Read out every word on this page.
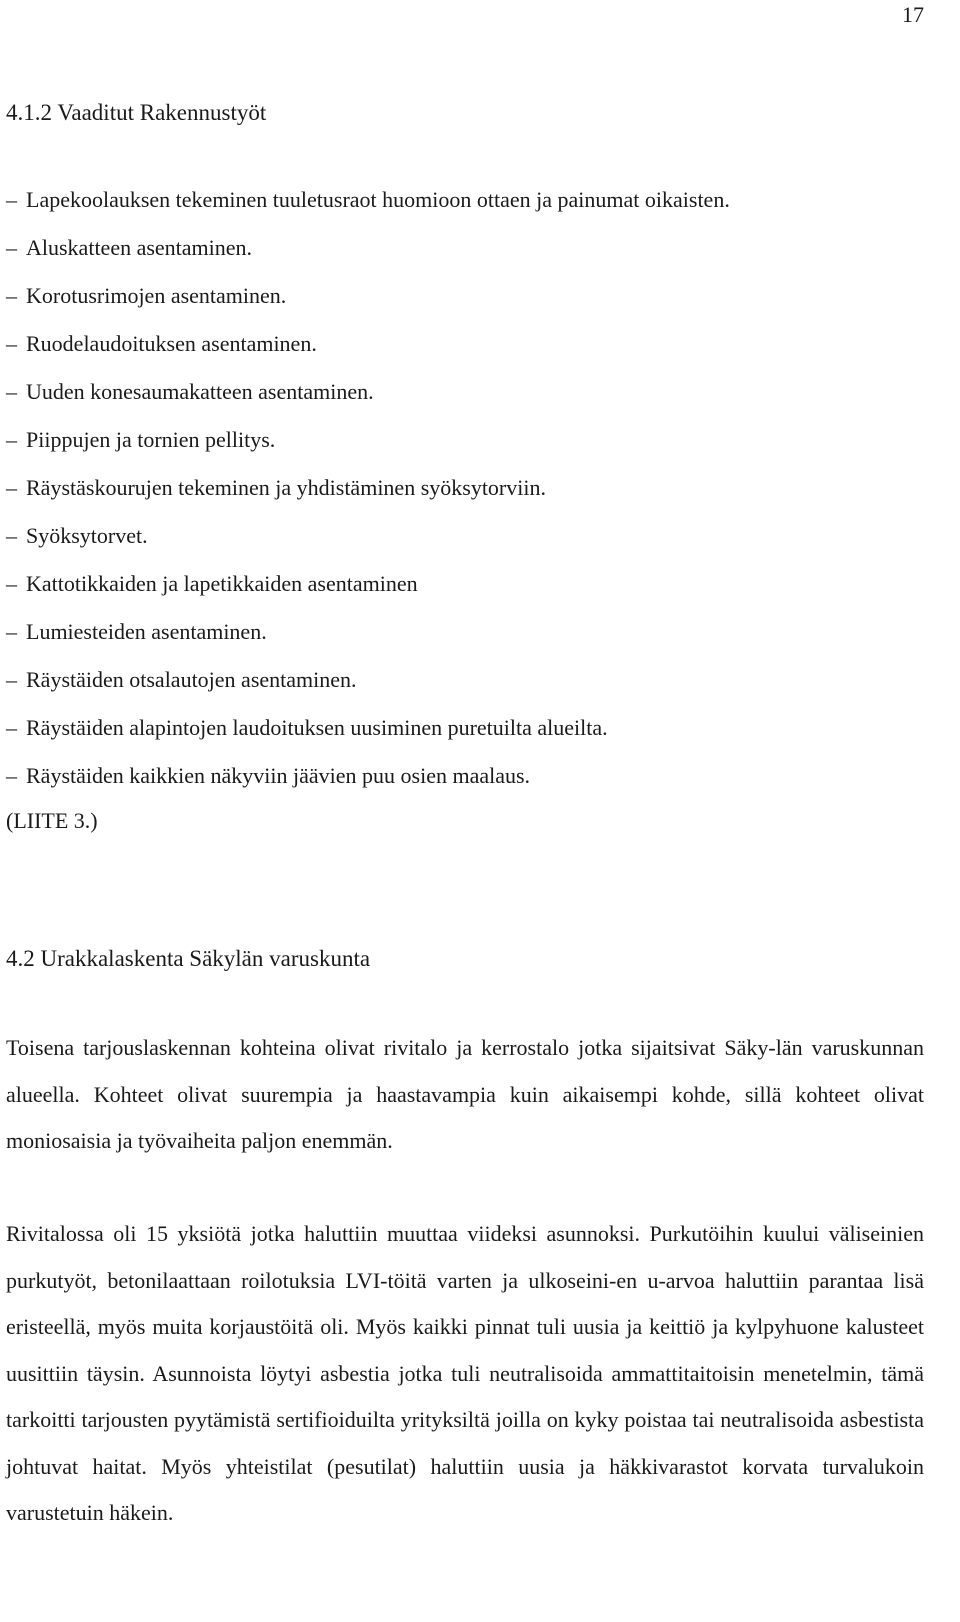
17
4.1.2 Vaaditut Rakennustyöt
– Lapekoolauksen tekeminen tuuletusraot huomioon ottaen ja painumat oikaisten.
– Aluskatteen asentaminen.
– Korotusrimojen asentaminen.
– Ruodelaudoituksen asentaminen.
– Uuden konesaumakatteen asentaminen.
– Piippujen ja tornien pellitys.
– Räystäskourujen tekeminen ja yhdistäminen syöksytorviin.
– Syöksytorvet.
– Kattotikkaiden ja lapetikkaiden asentaminen
– Lumiesteiden asentaminen.
– Räystäiden otsalautojen asentaminen.
– Räystäiden alapintojen laudoituksen uusiminen puretuilta alueilta.
– Räystäiden kaikkien näkyviin jäävien puu osien maalaus.
(LIITE 3.)
4.2 Urakkalaskenta Säkylän varuskunta

Toisena tarjouslaskennan kohteina olivat rivitalo ja kerrostalo jotka sijaitsivat Säky-​län varuskunnan alueella. Kohteet olivat suurempia ja haastavampia kuin aikaisempi kohde, sillä kohteet olivat moniosaisia ja työvaiheita paljon enemmän.

Rivitalossa oli 15 yksiötä jotka haluttiin muuttaa viideksi asunnoksi. Purkutöihin kuului väliseinien purkutyöt, betonilaattaan roilotuksia LVI-töitä varten ja ulkoseini-​en u-arvoa haluttiin parantaa lisä eristeellä, myös muita korjaustöitä oli. Myös kaikki pinnat tuli uusia ja keittiö ja kylpyhuone kalusteet uusittiin täysin. Asunnoista löytyi asbestia jotka tuli neutralisoida ammattitaitoisin menetelmin, tämä tarkoitti tarjousten pyytämistä sertifioiduilta yrityksiltä joilla on kyky poistaa tai neutralisoida asbestista johtuvat haitat. Myös yhteistilat (pesutilat) haluttiin uusia ja häkkivarastot korvata turvalukoin varustetuin häkein.
